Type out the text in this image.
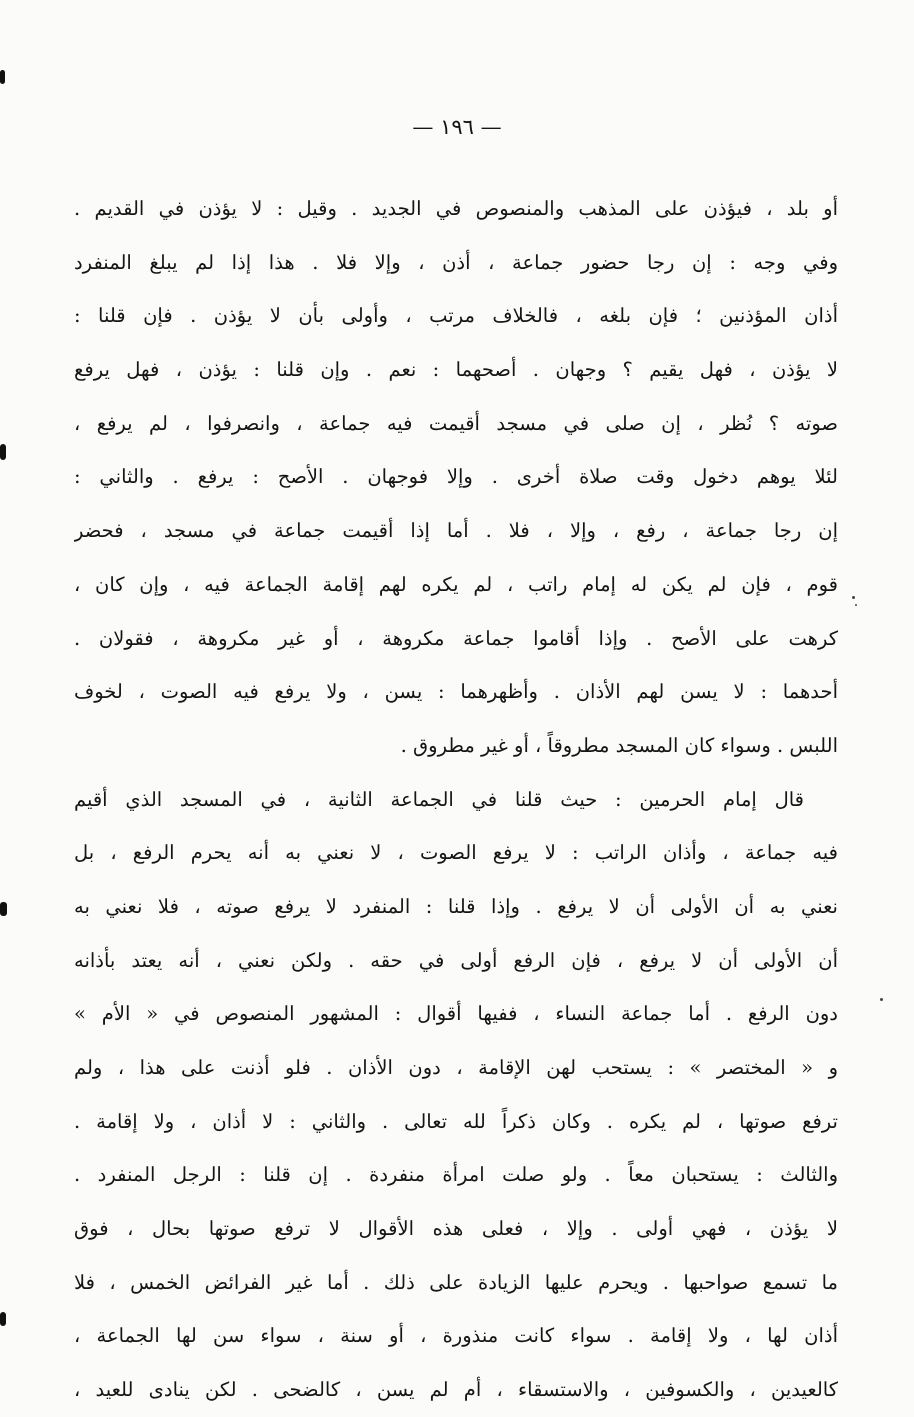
— ١٩٦ —
أو بلد ، فيؤذن على المذهب والمنصوص في الجديد . وقيل : لا يؤذن في القديم .
وفي وجه : إن رجا حضور جماعة ، أذن ، وإلا فلا . هذا إذا لم يبلغ المنفرد
أذان المؤذنين ؛ فإن بلغه ، فالخلاف مرتب ، وأولى بأن لا يؤذن . فإن قلنا :
لا يؤذن ، فهل يقيم ؟ وجهان . أصحهما : نعم . وإن قلنا : يؤذن ، فهل يرفع
صوته ؟ نُظر ، إن صلى في مسجد أقيمت فيه جماعة ، وانصرفوا ، لم يرفع ،
لئلا يوهم دخول وقت صلاة أخرى . وإلا فوجهان . الأصح : يرفع . والثاني :
إن رجا جماعة ، رفع ، وإلا ، فلا . أما إذا أقيمت جماعة في مسجد ، فحضر
قوم ، فإن لم يكن له إمام راتب ، لم يكره لهم إقامة الجماعة فيه ، وإن كان ،
كرهت على الأصح . وإذا أقاموا جماعة مكروهة ، أو غير مكروهة ، فقولان .
أحدهما : لا يسن لهم الأذان . وأظهرهما : يسن ، ولا يرفع فيه الصوت ، لخوف
اللبس . وسواء كان المسجد مطروقاً ، أو غير مطروق .
قال إمام الحرمين : حيث قلنا في الجماعة الثانية ، في المسجد الذي أقيم
فيه جماعة ، وأذان الراتب : لا يرفع الصوت ، لا نعني به أنه يحرم الرفع ، بل
نعني به أن الأولى أن لا يرفع . وإذا قلنا : المنفرد لا يرفع صوته ، فلا نعني به
أن الأولى أن لا يرفع ، فإن الرفع أولى في حقه . ولكن نعني ، أنه يعتد بأذانه
دون الرفع . أما جماعة النساء ، ففيها أقوال : المشهور المنصوص في « الأم »
و « المختصر » : يستحب لهن الإقامة ، دون الأذان . فلو أذنت على هذا ، ولم
ترفع صوتها ، لم يكره . وكان ذكراً لله تعالى . والثاني : لا أذان ، ولا إقامة .
والثالث : يستحبان معاً . ولو صلت امرأة منفردة . إن قلنا : الرجل المنفرد .
لا يؤذن ، فهي أولى . وإلا ، فعلى هذه الأقوال لا ترفع صوتها بحال ، فوق
ما تسمع صواحبها . ويحرم عليها الزيادة على ذلك . أما غير الفرائض الخمس ، فلا
أذان لها ، ولا إقامة . سواء كانت منذورة ، أو سنة ، سواء سن لها الجماعة ،
كالعيدين ، والكسوفين ، والاستسقاء ، أم لم يسن ، كالضحى . لكن ينادى للعيد ،
